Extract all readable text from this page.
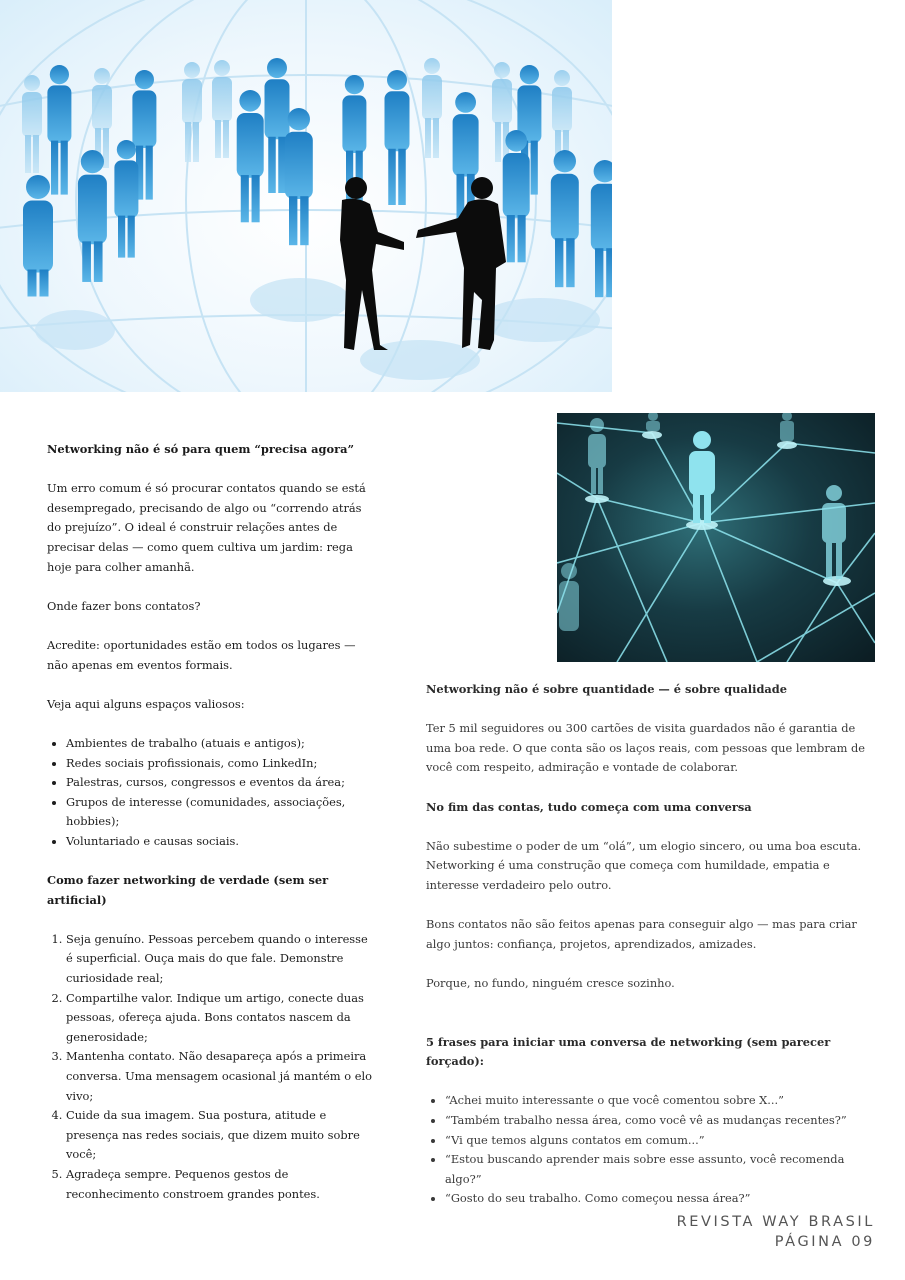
Networking não é só para quem “precisa agora”

Um erro comum é só procurar contatos quando se está desempregado, precisando de algo ou “correndo atrás do prejuízo”. O ideal é construir relações antes de precisar delas — como quem cultiva um jardim: rega hoje para colher amanhã.

Onde fazer bons contatos?

Acredite: oportunidades estão em todos os lugares — não apenas em eventos formais.

Veja aqui alguns espaços valiosos:

• Ambientes de trabalho (atuais e antigos);
• Redes sociais profissionais, como LinkedIn;
• Palestras, cursos, congressos e eventos da área;
• Grupos de interesse (comunidades, associações, hobbies);
• Voluntariado e causas sociais.

Como fazer networking de verdade (sem ser artificial)

1. Seja genuíno. Pessoas percebem quando o interesse é superficial. Ouça mais do que fale. Demonstre curiosidade real;
2. Compartilhe valor. Indique um artigo, conecte duas pessoas, ofereça ajuda. Bons contatos nascem da generosidade;
3. Mantenha contato. Não desapareça após a primeira conversa. Uma mensagem ocasional já mantém o elo vivo;
4. Cuide da sua imagem. Sua postura, atitude e presença nas redes sociais, que dizem muito sobre você;
5. Agradeça sempre. Pequenos gestos de reconhecimento constroem grandes pontes.

Networking não é sobre quantidade — é sobre qualidade

Ter 5 mil seguidores ou 300 cartões de visita guardados não é garantia de uma boa rede. O que conta são os laços reais, com pessoas que lembram de você com respeito, admiração e vontade de colaborar.

No fim das contas, tudo começa com uma conversa

Não subestime o poder de um “olá”, um elogio sincero, ou uma boa escuta. Networking é uma construção que começa com humildade, empatia e interesse verdadeiro pelo outro.

Bons contatos não são feitos apenas para conseguir algo — mas para criar algo juntos: confiança, projetos, aprendizados, amizades.

Porque, no fundo, ninguém cresce sozinho.

5 frases para iniciar uma conversa de networking (sem parecer forçado):

• “Achei muito interessante o que você comentou sobre X...”
• “Também trabalho nessa área, como você vê as mudanças recentes?”
• “Vi que temos alguns contatos em comum...”
• “Estou buscando aprender mais sobre esse assunto, você recomenda algo?”
• “Gosto do seu trabalho. Como começou nessa área?”
REVISTA WAY BRASIL
PÁGINA 09
